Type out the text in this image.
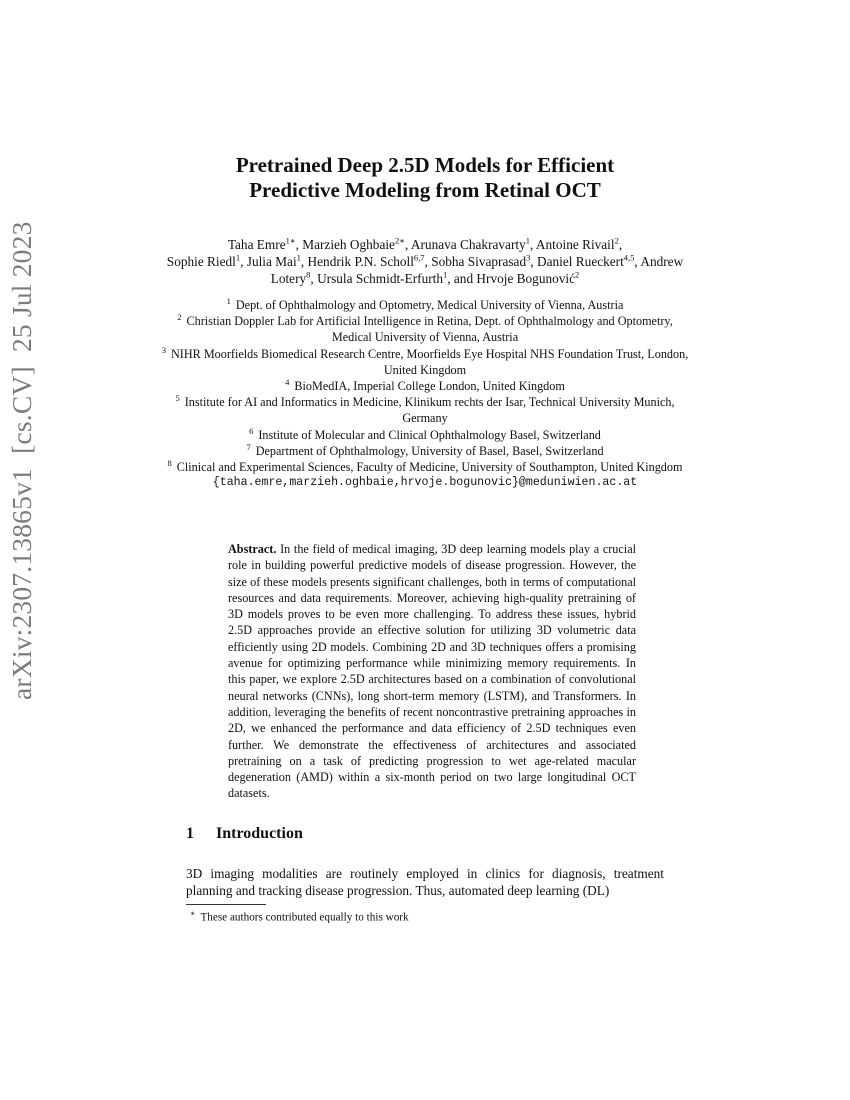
arXiv:2307.13865v1  [cs.CV]  25 Jul 2023
Pretrained Deep 2.5D Models for Efficient
Predictive Modeling from Retinal OCT
Taha Emre$^{1∗}$, Marzieh Oghbaie$^{2∗}$, Arunava Chakravarty$^1$, Antoine Rivail$^2$,
Sophie Riedl$^1$, Julia Mai$^1$, Hendrik P.N. Scholl$^{6,7}$, Sobha Sivaprasad$^3$, Daniel Rueckert$^{4,5}$, Andrew Lotery$^8$, Ursula Schmidt-Erfurth$^1$, and Hrvoje Bogunović$^2$
$^1$ Dept. of Ophthalmology and Optometry, Medical University of Vienna, Austria
$^2$ Christian Doppler Lab for Artificial Intelligence in Retina, Dept. of Ophthalmology and Optometry, Medical University of Vienna, Austria
$^3$ NIHR Moorfields Biomedical Research Centre, Moorfields Eye Hospital NHS Foundation Trust, London, United Kingdom
$^4$ BioMedIA, Imperial College London, United Kingdom
$^5$ Institute for AI and Informatics in Medicine, Klinikum rechts der Isar, Technical University Munich, Germany
$^6$ Institute of Molecular and Clinical Ophthalmology Basel, Switzerland
$^7$ Department of Ophthalmology, University of Basel, Basel, Switzerland
$^8$ Clinical and Experimental Sciences, Faculty of Medicine, University of Southampton, United Kingdom
{taha.emre,marzieh.oghbaie,hrvoje.bogunovic}@meduniwien.ac.at
Abstract. In the field of medical imaging, 3D deep learning models play a crucial role in building powerful predictive models of disease progression. However, the size of these models presents significant challenges, both in terms of computational resources and data requirements. Moreover, achieving high-quality pretraining of 3D models proves to be even more challenging. To address these issues, hybrid 2.5D approaches provide an effective solution for utilizing 3D volumetric data efficiently using 2D models. Combining 2D and 3D techniques offers a promising avenue for optimizing performance while minimizing memory requirements. In this paper, we explore 2.5D architectures based on a combination of convolutional neural networks (CNNs), long short-term memory (LSTM), and Transformers. In addition, leveraging the benefits of recent noncontrastive pretraining approaches in 2D, we enhanced the performance and data efficiency of 2.5D techniques even further. We demonstrate the effectiveness of architectures and associated pretraining on a task of predicting progression to wet age-related macular degeneration (AMD) within a six-month period on two large longitudinal OCT datasets.
1 Introduction
3D imaging modalities are routinely employed in clinics for diagnosis, treatment planning and tracking disease progression. Thus, automated deep learning (DL)
∗ These authors contributed equally to this work
